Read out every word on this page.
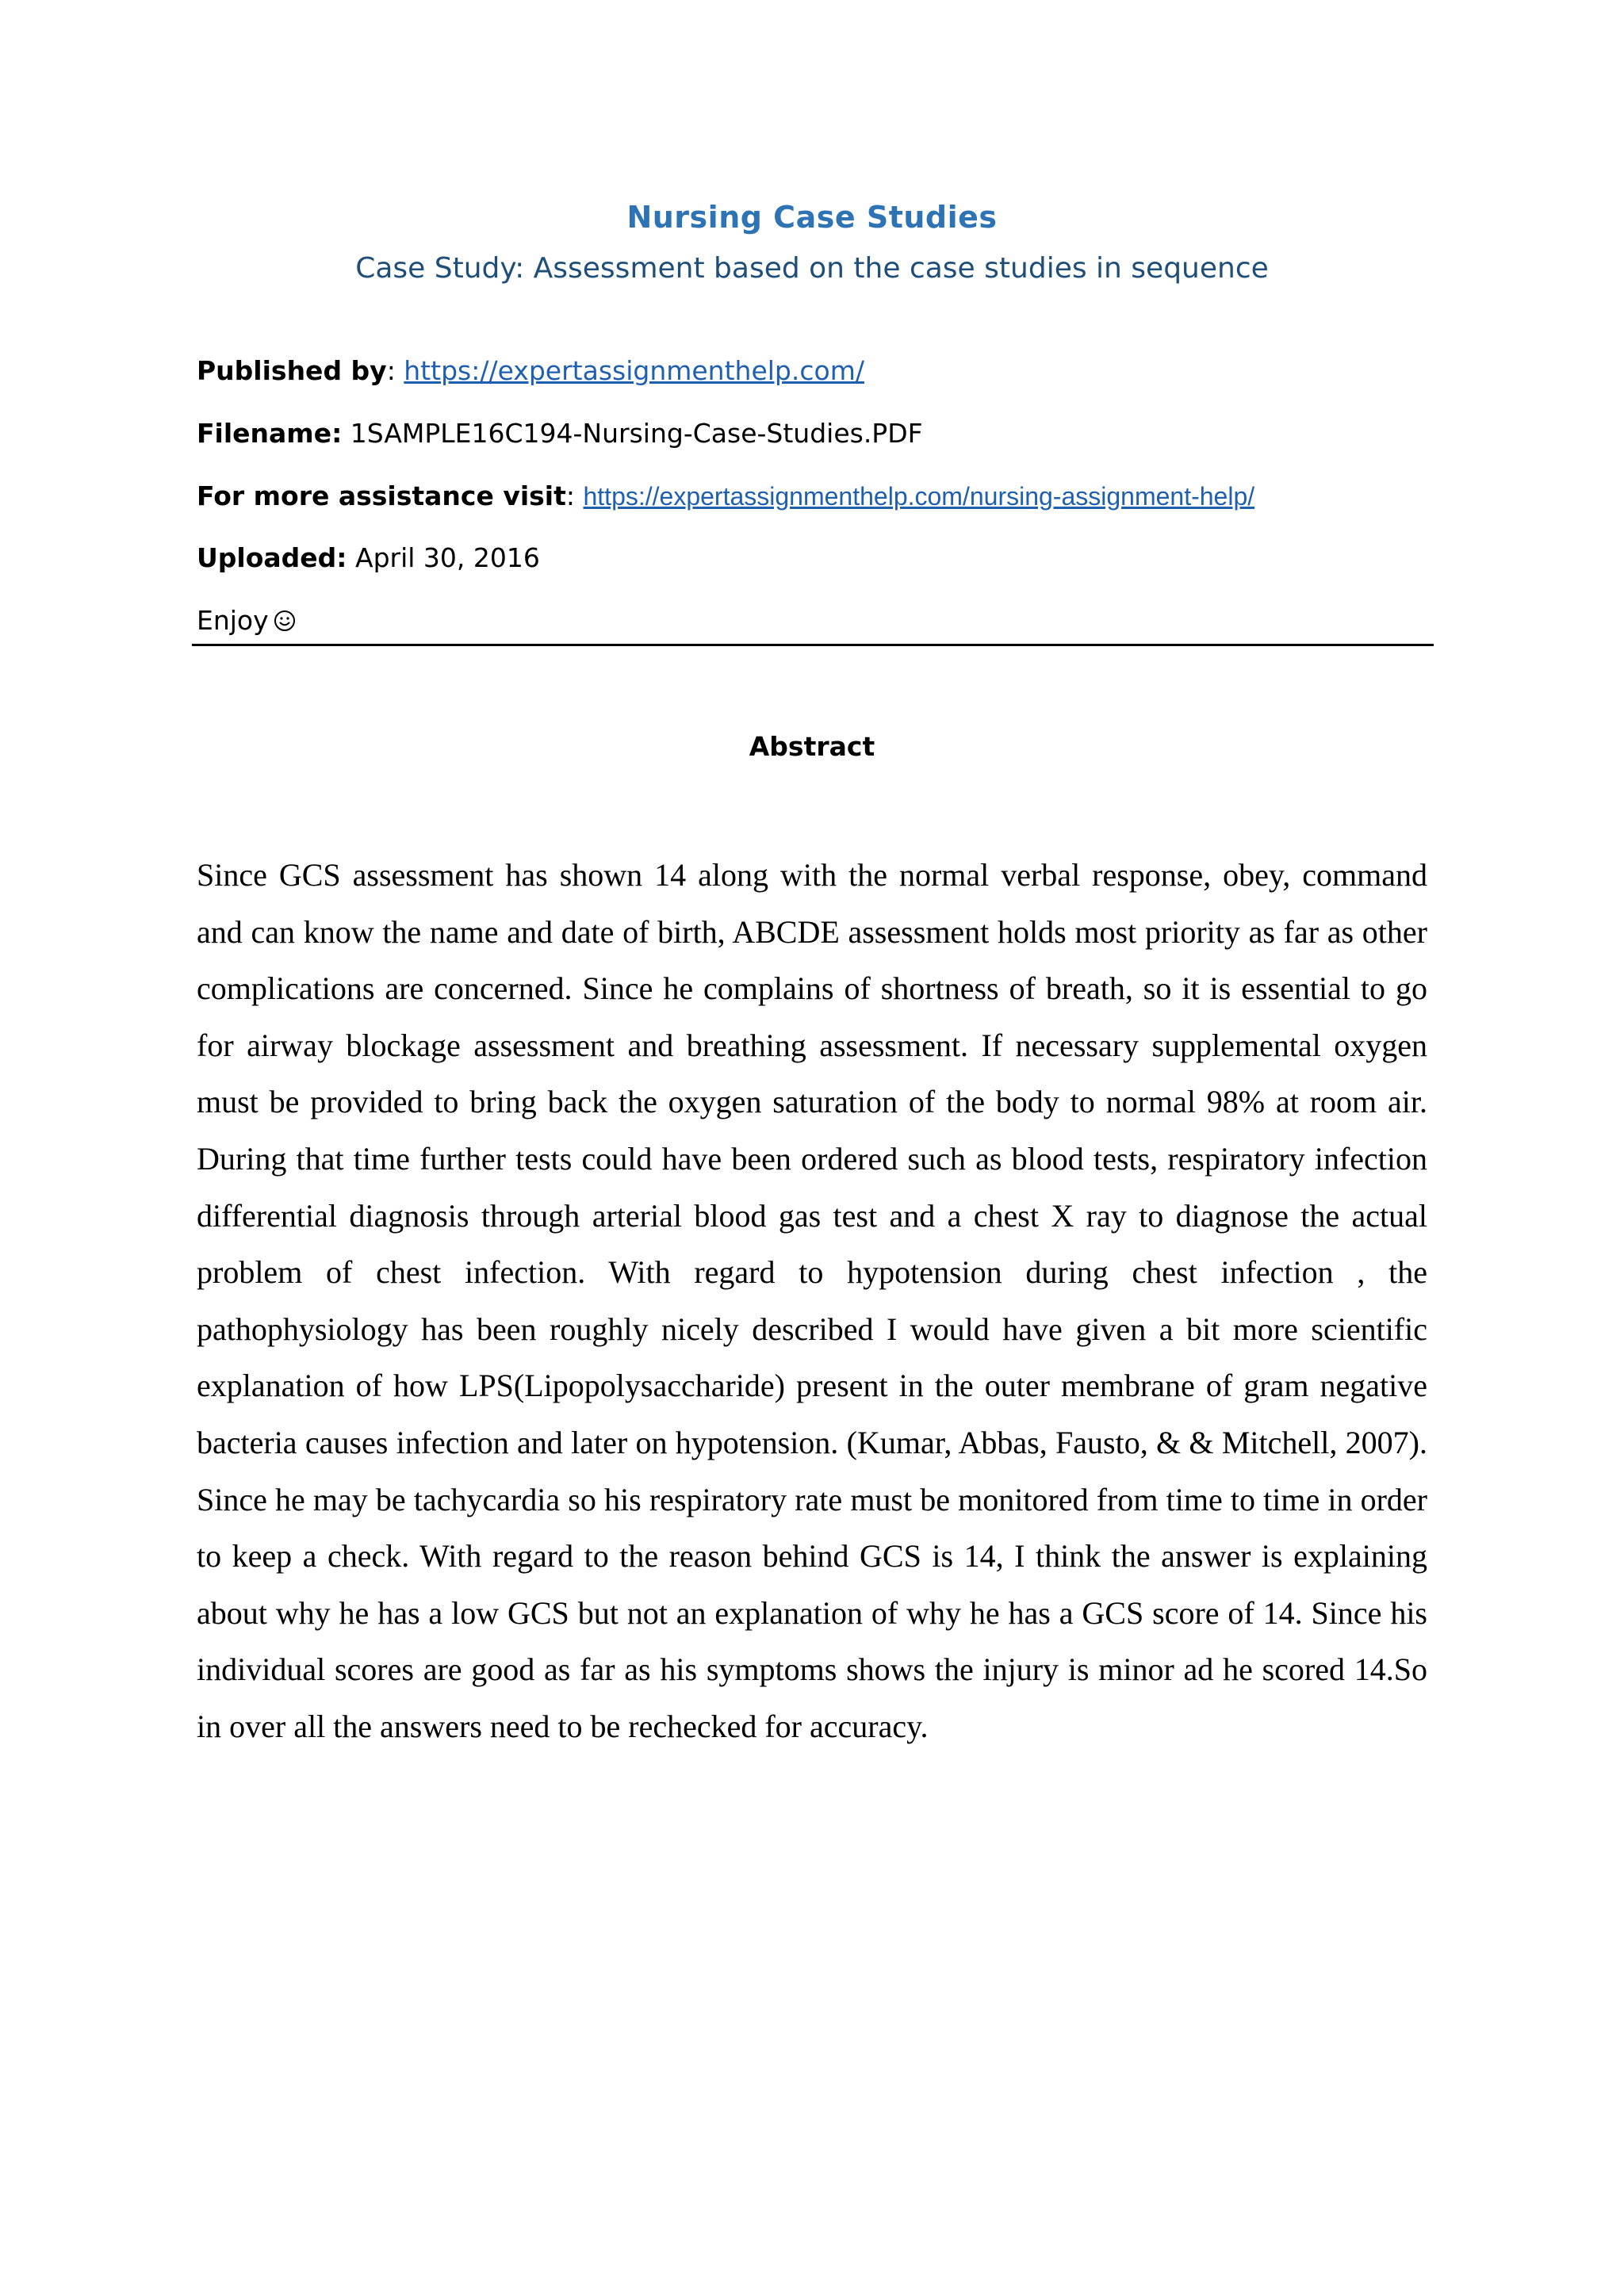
Nursing Case Studies
Case Study: Assessment based on the case studies in sequence
Published by: https://expertassignmenthelp.com/
Filename: 1SAMPLE16C194-Nursing-Case-Studies.PDF
For more assistance visit: https://expertassignmenthelp.com/nursing-assignment-help/
Uploaded: April 30, 2016
Enjoy
Abstract

Since GCS assessment has shown 14 along with the normal verbal response, obey, command and can know the name and date of birth, ABCDE assessment holds most priority as far as other complications are concerned. Since he complains of shortness of breath, so it is essential to go for airway blockage assessment and breathing assessment. If necessary supplemental oxygen must be provided to bring back the oxygen saturation of the body to normal 98% at room air. During that time further tests could have been ordered such as blood tests, respiratory infection differential diagnosis through arterial blood gas test and a chest X ray to diagnose the actual problem of chest infection. With regard to hypotension during chest infection , the pathophysiology has been roughly nicely described I would have given a bit more scientific explanation of how LPS(Lipopolysaccharide) present in the outer membrane of gram negative bacteria causes infection and later on hypotension. (Kumar, Abbas, Fausto, & & Mitchell, 2007). Since he may be tachycardia so his respiratory rate must be monitored from time to time in order to keep a check. With regard to the reason behind GCS is 14, I think the answer is explaining about why he has a low GCS but not an explanation of why he has a GCS score of 14. Since his individual scores are good as far as his symptoms shows the injury is minor ad he scored 14.So in over all the answers need to be rechecked for accuracy.
